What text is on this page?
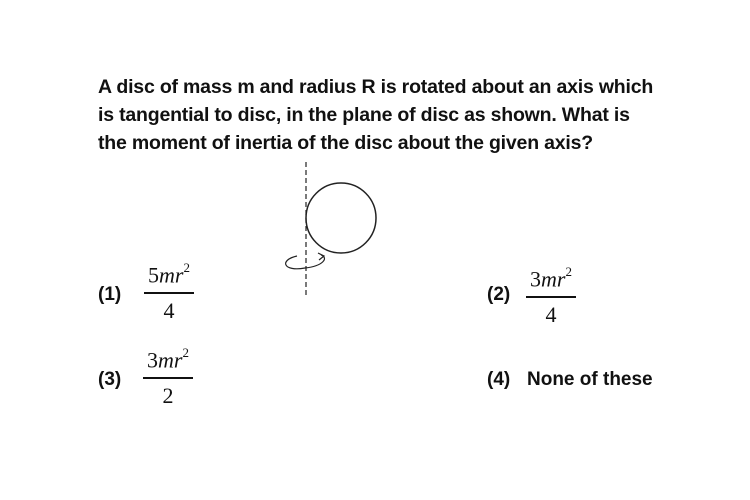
A disc of mass m and radius R is rotated about an axis which is tangential to disc, in the plane of disc as shown. What is the moment of inertia of the disc about the given axis?

(1)
$5mr^2$
4
(2)
$3mr^2$
4
(3)
$3mr^2$
2
(4) None of these
